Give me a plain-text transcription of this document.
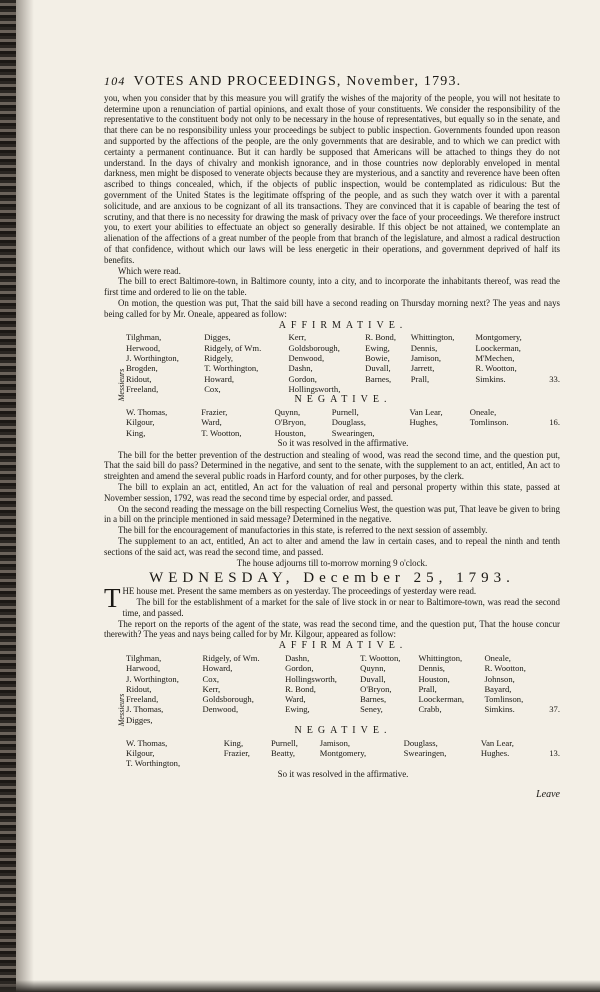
104 VOTES AND PROCEEDINGS, November, 1793.

you, when you consider that by this measure you will gratify the wishes of the majority of the people, you will not hesitate to determine upon a renunciation of partial opinions, and exalt those of your constituents. We consider the responsibility of the representative to the constituent body not only to be necessary in the house of representatives, but equally so in the senate, and that there can be no responsibility unless your proceedings be subject to public inspection. Governments founded upon reason and supported by the affections of the people, are the only governments that are desirable, and to which we can predict with certainty a permanent continuance. But it can hardly be supposed that Americans will be attached to things they do not understand. In the days of chivalry and monkish ignorance, and in those countries now deplorably enveloped in mental darkness, men might be disposed to venerate objects because they are mysterious, and a sanctity and reverence have been often ascribed to things concealed, which, if the objects of public inspection, would be contemplated as ridiculous: But the government of the United States is the legitimate offspring of the people, and as such they watch over it with a parental solicitude, and are anxious to be cognizant of all its transactions. They are convinced that it is capable of bearing the test of scrutiny, and that there is no necessity for drawing the mask of privacy over the face of your proceedings. We therefore instruct you, to exert your abilities to effectuate an object so generally desirable. If this object be not attained, we contemplate an alienation of the affections of a great number of the people from that branch of the legislature, and almost a radical destruction of that confidence, without which our laws will be less energetic in their operations, and government deprived of half its benefits.

Which were read.

The bill to erect Baltimore-town, in Baltimore county, into a city, and to incorporate the inhabitants thereof, was read the first time and ordered to lie on the table.

On motion, the question was put, That the said bill have a second reading on Thursday morning next? The yeas and nays being called for by Mr. Oneale, appeared as follow:

Messieurs
AFFIRMATIVE.
Tilghman,	Digges,	Kerr,	R. Bond,	Whittington,	Montgomery,	
Herwood,	Ridgely, of Wm.	Goldsborough,	Ewing,	Dennis,	Loockerman,	
J. Worthington,	Ridgely,	Denwood,	Bowie,	Jamison,	M'Mechen,	
Brogden,	T. Worthington,	Dashn,	Duvall,	Jarrett,	R. Wootton,	
Ridout,	Howard,	Gordon,	Barnes,	Prall,	Simkins.	33.
Freeland,	Cox,	Hollingsworth,				
NEGATIVE.
W. Thomas,	Frazier,	Quynn,	Purnell,	Van Lear,	Oneale,	
Kilgour,	Ward,	O'Bryon,	Douglass,	Hughes,	Tomlinson.	16.
King,	T. Wootton,	Houston,	Swearingen,			
So it was resolved in the affirmative.

The bill for the better prevention of the destruction and stealing of wood, was read the second time, and the question put, That the said bill do pass? Determined in the negative, and sent to the senate, with the supplement to an act, entitled, An act to streighten and amend the several public roads in Harford county, and for other purposes, by the clerk.

The bill to explain an act, entitled, An act for the valuation of real and personal property within this state, passed at November session, 1792, was read the second time by especial order, and passed.

On the second reading the message on the bill respecting Cornelius West, the question was put, That leave be given to bring in a bill on the principle mentioned in said message? Determined in the negative.

The bill for the encouragement of manufactories in this state, is referred to the next session of assembly.

The supplement to an act, entitled, An act to alter and amend the law in certain cases, and to repeal the ninth and tenth sections of the said act, was read the second time, and passed.

The house adjourns till to-morrow morning 9 o'clock.

WEDNESDAY, December 25, 1793.

THE house met. Present the same members as on yesterday. The proceedings of yesterday were read.

The bill for the establishment of a market for the sale of live stock in or near to Baltimore-town, was read the second time, and passed.

The report on the reports of the agent of the state, was read the second time, and the question put, That the house concur therewith? The yeas and nays being called for by Mr. Kilgour, appeared as follow:

Messieurs
AFFIRMATIVE.
Tilghman,	Ridgely, of Wm.	Dashn,	T. Wootton,	Whittington,	Oneale,	
Harwood,	Howard,	Gordon,	Quynn,	Dennis,	R. Wootton,	
J. Worthington,	Cox,	Hollingsworth,	Duvall,	Houston,	Johnson,	
Ridout,	Kerr,	R. Bond,	O'Bryon,	Prall,	Bayard,	
Freeland,	Goldsborough,	Ward,	Barnes,	Loockerman,	Tomlinson,	
J. Thomas,	Denwood,	Ewing,	Seney,	Crabb,	Simkins.	37.
Digges,						
NEGATIVE.
W. Thomas,	King,	Purnell,	Jamison,	Douglass,	Van Lear,	
Kilgour,	Frazier,	Beatty,	Montgomery,	Swearingen,	Hughes.	13.
T. Worthington,						
So it was resolved in the affirmative.
Leave
